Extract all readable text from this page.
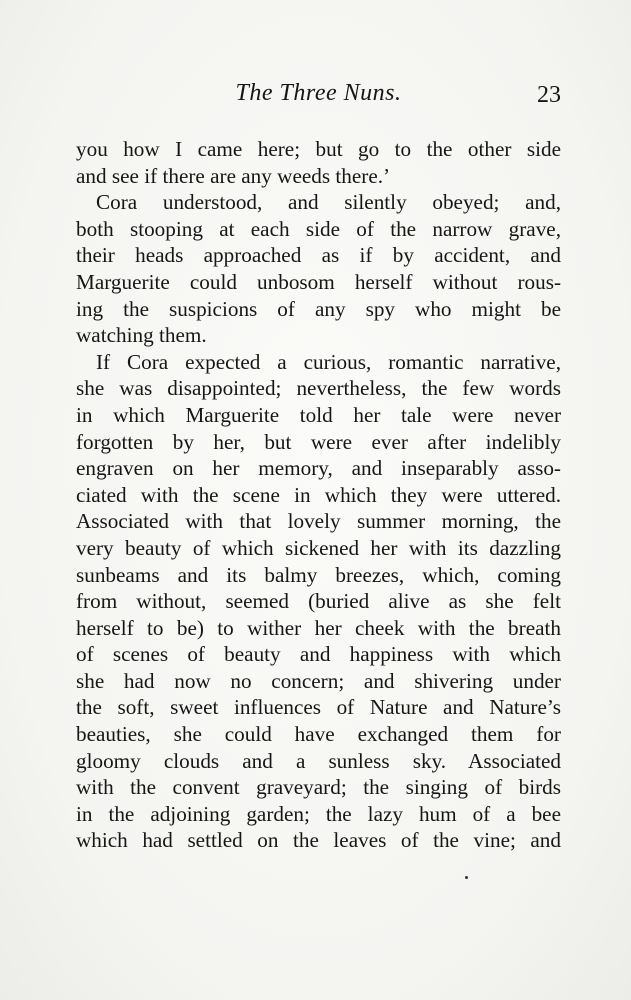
The Three Nuns.	23
you how I came here; but go to the other side
and see if there are any weeds there.’
Cora understood, and silently obeyed; and,
both stooping at each side of the narrow grave,
their heads approached as if by accident, and
Marguerite could unbosom herself without rous-
ing the suspicions of any spy who might be
watching them.
If Cora expected a curious, romantic narrative,
she was disappointed; nevertheless, the few words
in which Marguerite told her tale were never
forgotten by her, but were ever after indelibly
engraven on her memory, and inseparably asso-
ciated with the scene in which they were uttered.
Associated with that lovely summer morning, the
very beauty of which sickened her with its dazzling
sunbeams and its balmy breezes, which, coming
from without, seemed (buried alive as she felt
herself to be) to wither her cheek with the breath
of scenes of beauty and happiness with which
she had now no concern; and shivering under
the soft, sweet influences of Nature and Nature’s
beauties, she could have exchanged them for
gloomy clouds and a sunless sky. Associated
with the convent graveyard; the singing of birds
in the adjoining garden; the lazy hum of a bee
which had settled on the leaves of the vine; and
